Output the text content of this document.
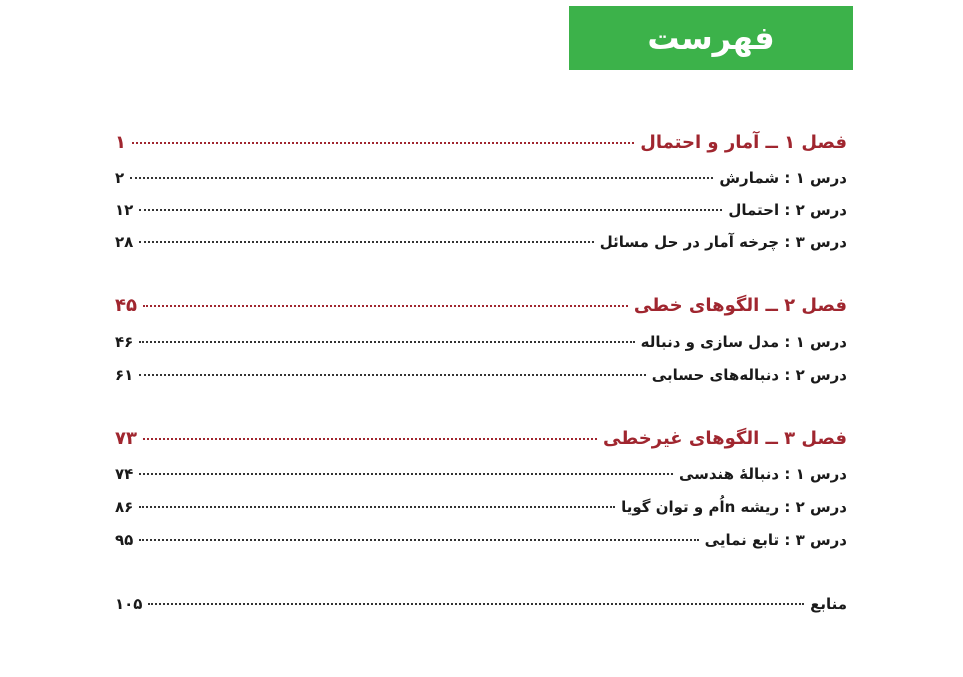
فهرست
فصل ۱ ــ آمار و احتمال
۱
درس ۱ : شمارش
۲
درس ۲ : احتمال
۱۲
درس ۳ : چرخه آمار در حل مسائل
۲۸
فصل ۲ ــ الگوهای خطی
۴۵
درس ۱ : مدل سازی و دنباله
۴۶
درس ۲ : دنباله‌های حسابی
۶۱
فصل ۳ ــ الگوهای غیرخطی
۷۳
درس ۱ : دنبالهٔ هندسی
۷۴
درس ۲ : ریشه nاُم و توان گویا
۸۶
درس ۳ : تابع نمایی
۹۵
منابع
۱۰۵
